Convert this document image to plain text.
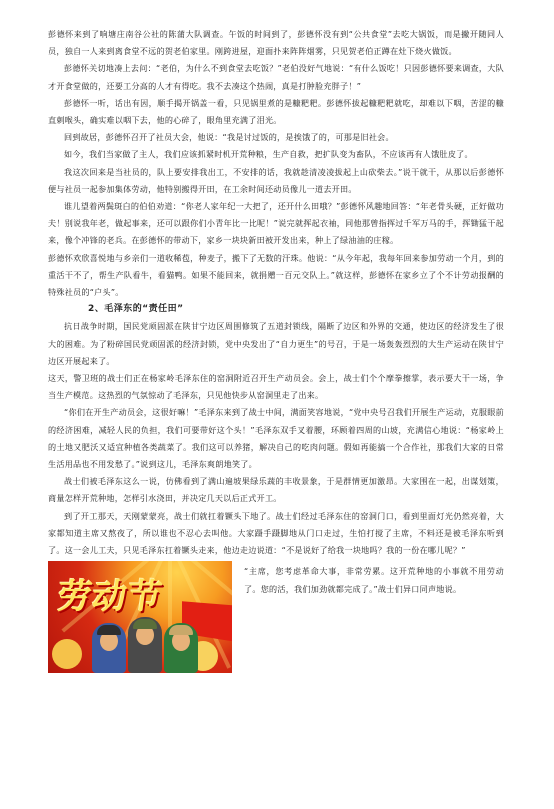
彭德怀来到了响塘庄南谷公社的陈蒲大队调查。午饭的时间到了，彭德怀没有到“公共食堂”去吃大锅饭，而是撇开随同人员，独自一人来到离食堂不远的贺老伯家里。刚跨进屋，迎面扑来阵阵烟雾，只见贺老伯正蹲在灶下烧火做饭。

彭德怀关切地凑上去问：“老伯，为什么不到食堂去吃饭？”老伯没好气地说：“有什么饭吃！只因彭德怀要来调查，大队才开食堂做的，还要工分高的人才有得吃。我不去凑这个热闹，真是打肿脸充胖子！”

彭德怀一听，话出有因，顺手揭开锅盖一看，只见锅里煮的是糠粑粑。彭德怀拔起糠粑粑就吃，却难以下咽，苦涩的糠直刺喉头，确实难以咽下去，他的心碎了，眼角里充满了泪光。

回到故居，彭德怀召开了社员大会，他说：“我是讨过饭的，是挨饿了的，可那是旧社会。

如今，我们当家做了主人，我们应该抓紧时机开荒种粮，生产自救，把扩队变为畜队，不应该再有人饿肚皮了。

我这次回来是当社员的，队上要安排我出工，不安排的话，我就趁清凌凌拔起上山砍柴去。”说干就干，从那以后彭德怀便与社员一起参加集体劳动，他特别搬得开田，在工余时间还动员像儿一道去开田。

谁儿望着两鬓斑白的伯伯劝道：“你老人家年纪一大把了，还开什么田哦？”彭德怀风趣地回答：“年老骨头硬，正好做功夫！别说我年老，做起事来，还可以跟你们小青年比一比呢！”说完就挥起衣袖，同他那曾指挥过千军万马的手，挥锄猛干起来，像个冲锋的老兵。在彭德怀的带动下，家乡一块块新田被开发出来，种上了绿油油的庄稼。

彭德怀欢欣喜悦地与乡亲们一道收稀苞，种麦子，搬下了无数的汗珠。他说：“从今年起，我每年回来参加劳动一个月，到的重活干不了，帮生产队看牛，看猫鸭。如果不能回来，就捐赠一百元交队上。”就这样，彭德怀在家乡立了个不计劳动报酬的特殊社员的“户头”。

2、毛泽东的“责任田”

抗日战争时期，国民党顽固派在陕甘宁边区周围修筑了五道封锁线，隔断了边区和外界的交通，使边区的经济发生了很大的困难。为了粉碎国民党顽固派的经济封锁，党中央发出了“自力更生”的号召，于是一场轰轰烈烈的大生产运动在陕甘宁边区开展起来了。

这天，警卫班的战士们正在杨家岭毛泽东住的窑洞附近召开生产动员会。会上，战士们个个摩拳擦掌，表示要大干一场，争当生产模范。这热烈的气氛惊动了毛泽东，只见他快步从窑洞里走了出来。

“你们在开生产动员会，这很好嘛！”毛泽东来到了战士中间，满面笑容地说，“党中央号召我们开展生产运动，克服眼前的经济困难，减轻人民的负担，我们可要带好这个头！”毛泽东双手叉着腰，环顾着四周的山坡，充满信心地说：“杨家岭上的土地又肥沃又适宜种植各类蔬菜了。我们这可以养猪，解决自己的吃肉问题。假如再能搞一个合作社，那我们大家的日常生活用品也不用发愁了。”说到这儿，毛泽东爽朗地笑了。

战士们被毛泽东这么一说，仿佛看到了满山遍坡果绿乐蔬的丰收景象，于是群情更加激昂。大家围在一起，出谋划策，商量怎样开荒种地，怎样引水浇田，并决定几天以后正式开工。

到了开工那天，天刚蒙蒙亮，战士们就扛着镢头下地了。战士们经过毛泽东住的窑洞门口，看到里面灯光仍然亮着，大家都知道主席又熬夜了，所以谁也不忍心去叫他。大家蹑手蹑脚地从门口走过，生怕打搅了主席，不料还是被毛泽东听到了。这一会儿工夫，只见毛泽东扛着镢头走来，他边走边说道：“不是说好了给我一块地吗？我的一份在哪儿呢？”

劳动节

“主席，您考虑革命大事，非常劳累。这开荒种地的小事就不用劳动了。您的活，我们加劲就都完成了。”战士们异口同声地说。
